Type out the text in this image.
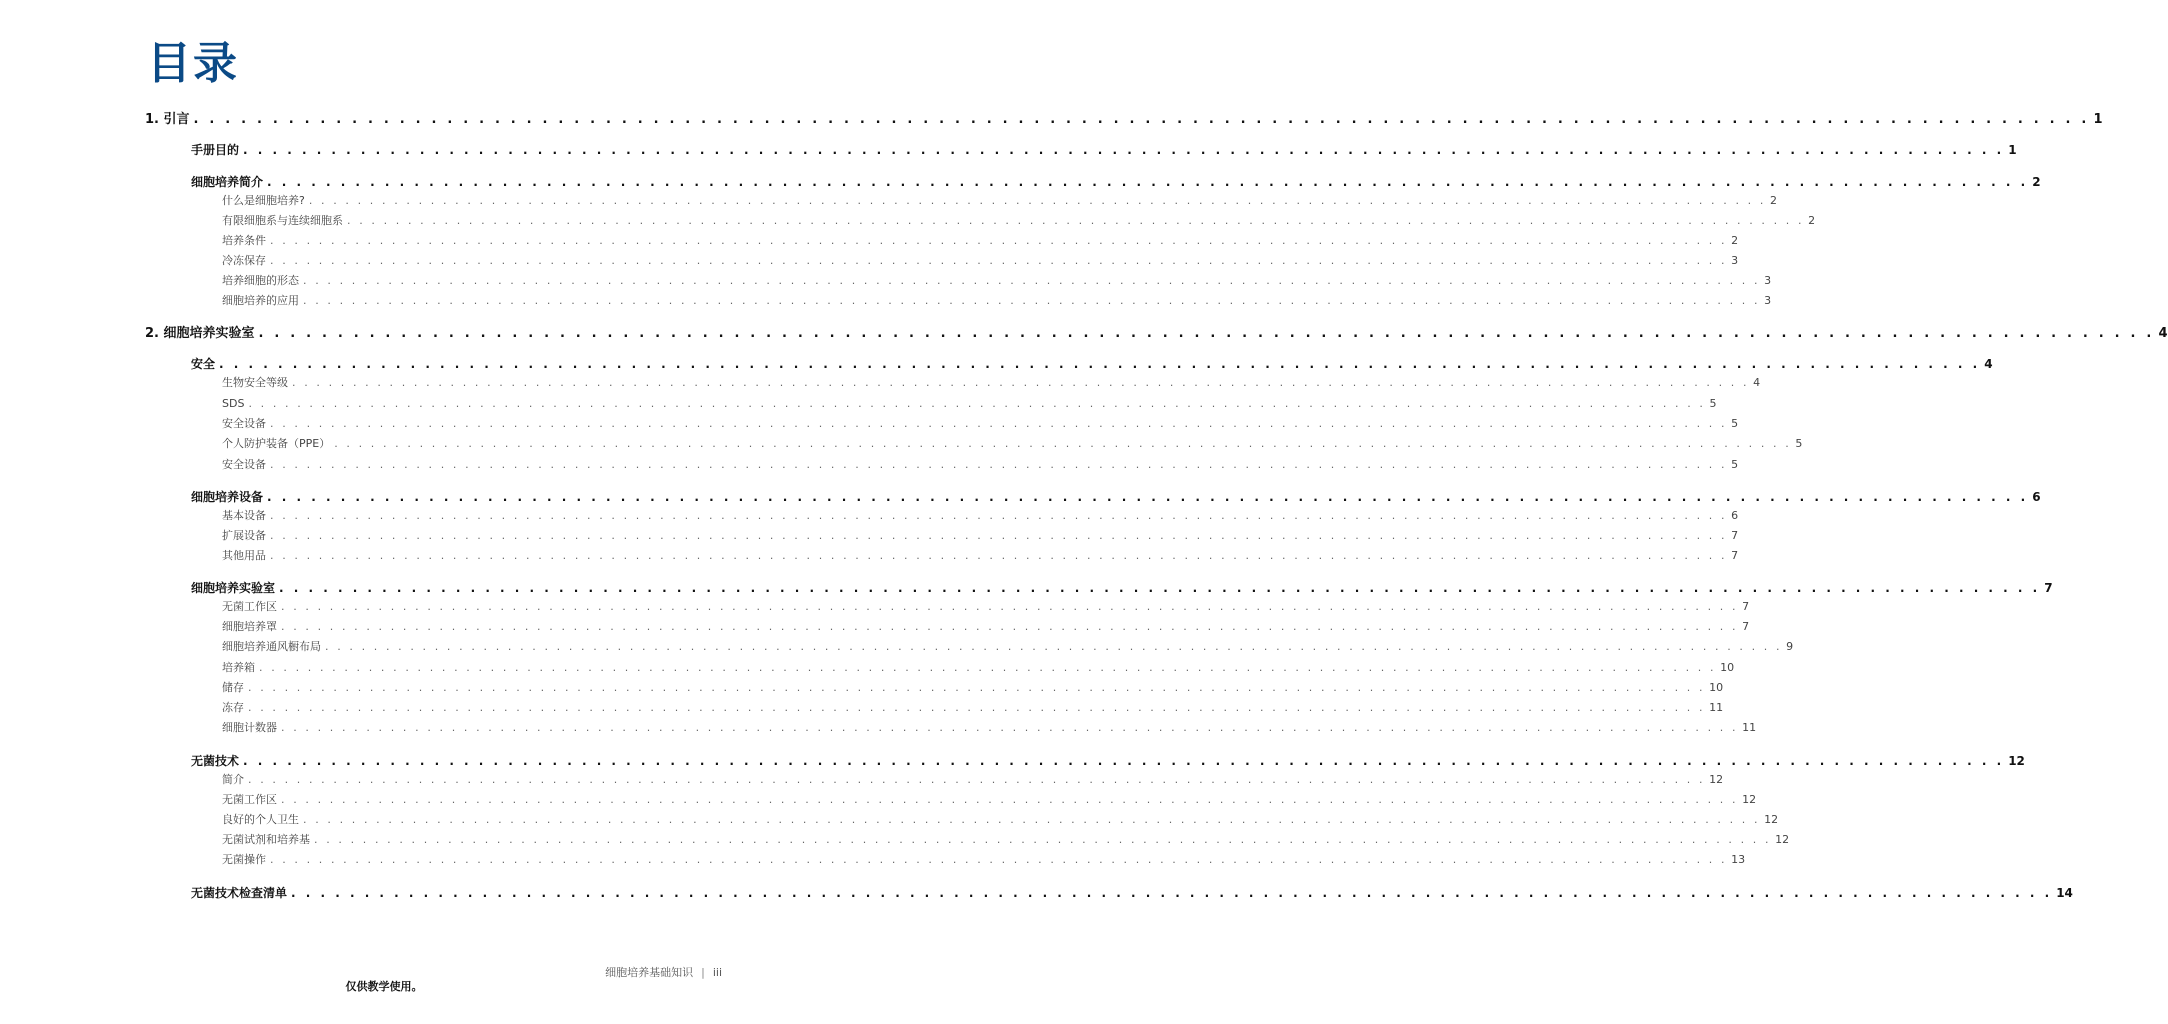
目录
1. 引言 . . . . . . . . . . . . . . . . . . . . . . . . . . . . . . . . . . . . . . . . . . . . . . . . . . . . . . . . . . . . . . . . . . . . . . . . . . . . . . . . . . . . . . . . . . . . . . . . . . . . . . . . . . . . . . . . . . . . . . . . 1
手册目的 . . . . . . . . . . . . . . . . . . . . . . . . . . . . . . . . . . . . . . . . . . . . . . . . . . . . . . . . . . . . . . . . . . . . . . . . . . . . . . . . . . . . . . . . . . . . . . . . . . . . . . . . . . . . . . . . . . . . . . . . 1
细胞培养简介 . . . . . . . . . . . . . . . . . . . . . . . . . . . . . . . . . . . . . . . . . . . . . . . . . . . . . . . . . . . . . . . . . . . . . . . . . . . . . . . . . . . . . . . . . . . . . . . . . . . . . . . . . . . . . . . . . . . . . . . . 2
什么是细胞培养? . . . . . . . . . . . . . . . . . . . . . . . . . . . . . . . . . . . . . . . . . . . . . . . . . . . . . . . . . . . . . . . . . . . . . . . . . . . . . . . . . . . . . . . . . . . . . . . . . . . . . . . . . . . . . . . . . . . . . . . . 2
有限细胞系与连续细胞系 . . . . . . . . . . . . . . . . . . . . . . . . . . . . . . . . . . . . . . . . . . . . . . . . . . . . . . . . . . . . . . . . . . . . . . . . . . . . . . . . . . . . . . . . . . . . . . . . . . . . . . . . . . . . . . . . . . . . . . . . 2
培养条件 . . . . . . . . . . . . . . . . . . . . . . . . . . . . . . . . . . . . . . . . . . . . . . . . . . . . . . . . . . . . . . . . . . . . . . . . . . . . . . . . . . . . . . . . . . . . . . . . . . . . . . . . . . . . . . . . . . . . . . . . 2
冷冻保存 . . . . . . . . . . . . . . . . . . . . . . . . . . . . . . . . . . . . . . . . . . . . . . . . . . . . . . . . . . . . . . . . . . . . . . . . . . . . . . . . . . . . . . . . . . . . . . . . . . . . . . . . . . . . . . . . . . . . . . . . 3
培养细胞的形态 . . . . . . . . . . . . . . . . . . . . . . . . . . . . . . . . . . . . . . . . . . . . . . . . . . . . . . . . . . . . . . . . . . . . . . . . . . . . . . . . . . . . . . . . . . . . . . . . . . . . . . . . . . . . . . . . . . . . . . . . 3
细胞培养的应用 . . . . . . . . . . . . . . . . . . . . . . . . . . . . . . . . . . . . . . . . . . . . . . . . . . . . . . . . . . . . . . . . . . . . . . . . . . . . . . . . . . . . . . . . . . . . . . . . . . . . . . . . . . . . . . . . . . . . . . . . 3
2. 细胞培养实验室 . . . . . . . . . . . . . . . . . . . . . . . . . . . . . . . . . . . . . . . . . . . . . . . . . . . . . . . . . . . . . . . . . . . . . . . . . . . . . . . . . . . . . . . . . . . . . . . . . . . . . . . . . . . . . . . . . . . . . . . . 4
安全 . . . . . . . . . . . . . . . . . . . . . . . . . . . . . . . . . . . . . . . . . . . . . . . . . . . . . . . . . . . . . . . . . . . . . . . . . . . . . . . . . . . . . . . . . . . . . . . . . . . . . . . . . . . . . . . . . . . . . . . . 4
生物安全等级 . . . . . . . . . . . . . . . . . . . . . . . . . . . . . . . . . . . . . . . . . . . . . . . . . . . . . . . . . . . . . . . . . . . . . . . . . . . . . . . . . . . . . . . . . . . . . . . . . . . . . . . . . . . . . . . . . . . . . . . . 4
SDS . . . . . . . . . . . . . . . . . . . . . . . . . . . . . . . . . . . . . . . . . . . . . . . . . . . . . . . . . . . . . . . . . . . . . . . . . . . . . . . . . . . . . . . . . . . . . . . . . . . . . . . . . . . . . . . . . . . . . . . . 5
安全设备 . . . . . . . . . . . . . . . . . . . . . . . . . . . . . . . . . . . . . . . . . . . . . . . . . . . . . . . . . . . . . . . . . . . . . . . . . . . . . . . . . . . . . . . . . . . . . . . . . . . . . . . . . . . . . . . . . . . . . . . . 5
个人防护装备（PPE） . . . . . . . . . . . . . . . . . . . . . . . . . . . . . . . . . . . . . . . . . . . . . . . . . . . . . . . . . . . . . . . . . . . . . . . . . . . . . . . . . . . . . . . . . . . . . . . . . . . . . . . . . . . . . . . . . . . . . . . . 5
安全设备 . . . . . . . . . . . . . . . . . . . . . . . . . . . . . . . . . . . . . . . . . . . . . . . . . . . . . . . . . . . . . . . . . . . . . . . . . . . . . . . . . . . . . . . . . . . . . . . . . . . . . . . . . . . . . . . . . . . . . . . . 5
细胞培养设备 . . . . . . . . . . . . . . . . . . . . . . . . . . . . . . . . . . . . . . . . . . . . . . . . . . . . . . . . . . . . . . . . . . . . . . . . . . . . . . . . . . . . . . . . . . . . . . . . . . . . . . . . . . . . . . . . . . . . . . . . 6
基本设备 . . . . . . . . . . . . . . . . . . . . . . . . . . . . . . . . . . . . . . . . . . . . . . . . . . . . . . . . . . . . . . . . . . . . . . . . . . . . . . . . . . . . . . . . . . . . . . . . . . . . . . . . . . . . . . . . . . . . . . . . 6
扩展设备 . . . . . . . . . . . . . . . . . . . . . . . . . . . . . . . . . . . . . . . . . . . . . . . . . . . . . . . . . . . . . . . . . . . . . . . . . . . . . . . . . . . . . . . . . . . . . . . . . . . . . . . . . . . . . . . . . . . . . . . . 7
其他用品 . . . . . . . . . . . . . . . . . . . . . . . . . . . . . . . . . . . . . . . . . . . . . . . . . . . . . . . . . . . . . . . . . . . . . . . . . . . . . . . . . . . . . . . . . . . . . . . . . . . . . . . . . . . . . . . . . . . . . . . . 7
细胞培养实验室 . . . . . . . . . . . . . . . . . . . . . . . . . . . . . . . . . . . . . . . . . . . . . . . . . . . . . . . . . . . . . . . . . . . . . . . . . . . . . . . . . . . . . . . . . . . . . . . . . . . . . . . . . . . . . . . . . . . . . . . . 7
无菌工作区 . . . . . . . . . . . . . . . . . . . . . . . . . . . . . . . . . . . . . . . . . . . . . . . . . . . . . . . . . . . . . . . . . . . . . . . . . . . . . . . . . . . . . . . . . . . . . . . . . . . . . . . . . . . . . . . . . . . . . . . . 7
细胞培养罩 . . . . . . . . . . . . . . . . . . . . . . . . . . . . . . . . . . . . . . . . . . . . . . . . . . . . . . . . . . . . . . . . . . . . . . . . . . . . . . . . . . . . . . . . . . . . . . . . . . . . . . . . . . . . . . . . . . . . . . . . 7
细胞培养通风橱布局 . . . . . . . . . . . . . . . . . . . . . . . . . . . . . . . . . . . . . . . . . . . . . . . . . . . . . . . . . . . . . . . . . . . . . . . . . . . . . . . . . . . . . . . . . . . . . . . . . . . . . . . . . . . . . . . . . . . . . . . . 9
培养箱 . . . . . . . . . . . . . . . . . . . . . . . . . . . . . . . . . . . . . . . . . . . . . . . . . . . . . . . . . . . . . . . . . . . . . . . . . . . . . . . . . . . . . . . . . . . . . . . . . . . . . . . . . . . . . . . . . . . . . . . . 10
储存 . . . . . . . . . . . . . . . . . . . . . . . . . . . . . . . . . . . . . . . . . . . . . . . . . . . . . . . . . . . . . . . . . . . . . . . . . . . . . . . . . . . . . . . . . . . . . . . . . . . . . . . . . . . . . . . . . . . . . . . . 10
冻存 . . . . . . . . . . . . . . . . . . . . . . . . . . . . . . . . . . . . . . . . . . . . . . . . . . . . . . . . . . . . . . . . . . . . . . . . . . . . . . . . . . . . . . . . . . . . . . . . . . . . . . . . . . . . . . . . . . . . . . . . 11
细胞计数器 . . . . . . . . . . . . . . . . . . . . . . . . . . . . . . . . . . . . . . . . . . . . . . . . . . . . . . . . . . . . . . . . . . . . . . . . . . . . . . . . . . . . . . . . . . . . . . . . . . . . . . . . . . . . . . . . . . . . . . . . 11
无菌技术 . . . . . . . . . . . . . . . . . . . . . . . . . . . . . . . . . . . . . . . . . . . . . . . . . . . . . . . . . . . . . . . . . . . . . . . . . . . . . . . . . . . . . . . . . . . . . . . . . . . . . . . . . . . . . . . . . . . . . . . . 12
简介 . . . . . . . . . . . . . . . . . . . . . . . . . . . . . . . . . . . . . . . . . . . . . . . . . . . . . . . . . . . . . . . . . . . . . . . . . . . . . . . . . . . . . . . . . . . . . . . . . . . . . . . . . . . . . . . . . . . . . . . . 12
无菌工作区 . . . . . . . . . . . . . . . . . . . . . . . . . . . . . . . . . . . . . . . . . . . . . . . . . . . . . . . . . . . . . . . . . . . . . . . . . . . . . . . . . . . . . . . . . . . . . . . . . . . . . . . . . . . . . . . . . . . . . . . . 12
良好的个人卫生 . . . . . . . . . . . . . . . . . . . . . . . . . . . . . . . . . . . . . . . . . . . . . . . . . . . . . . . . . . . . . . . . . . . . . . . . . . . . . . . . . . . . . . . . . . . . . . . . . . . . . . . . . . . . . . . . . . . . . . . . 12
无菌试剂和培养基 . . . . . . . . . . . . . . . . . . . . . . . . . . . . . . . . . . . . . . . . . . . . . . . . . . . . . . . . . . . . . . . . . . . . . . . . . . . . . . . . . . . . . . . . . . . . . . . . . . . . . . . . . . . . . . . . . . . . . . . . 12
无菌操作 . . . . . . . . . . . . . . . . . . . . . . . . . . . . . . . . . . . . . . . . . . . . . . . . . . . . . . . . . . . . . . . . . . . . . . . . . . . . . . . . . . . . . . . . . . . . . . . . . . . . . . . . . . . . . . . . . . . . . . . . 13
无菌技术检查清单 . . . . . . . . . . . . . . . . . . . . . . . . . . . . . . . . . . . . . . . . . . . . . . . . . . . . . . . . . . . . . . . . . . . . . . . . . . . . . . . . . . . . . . . . . . . . . . . . . . . . . . . . . . . . . . . . . . . . . . . . 14
细胞培养基础知识 | iii
仅供教学使用。
